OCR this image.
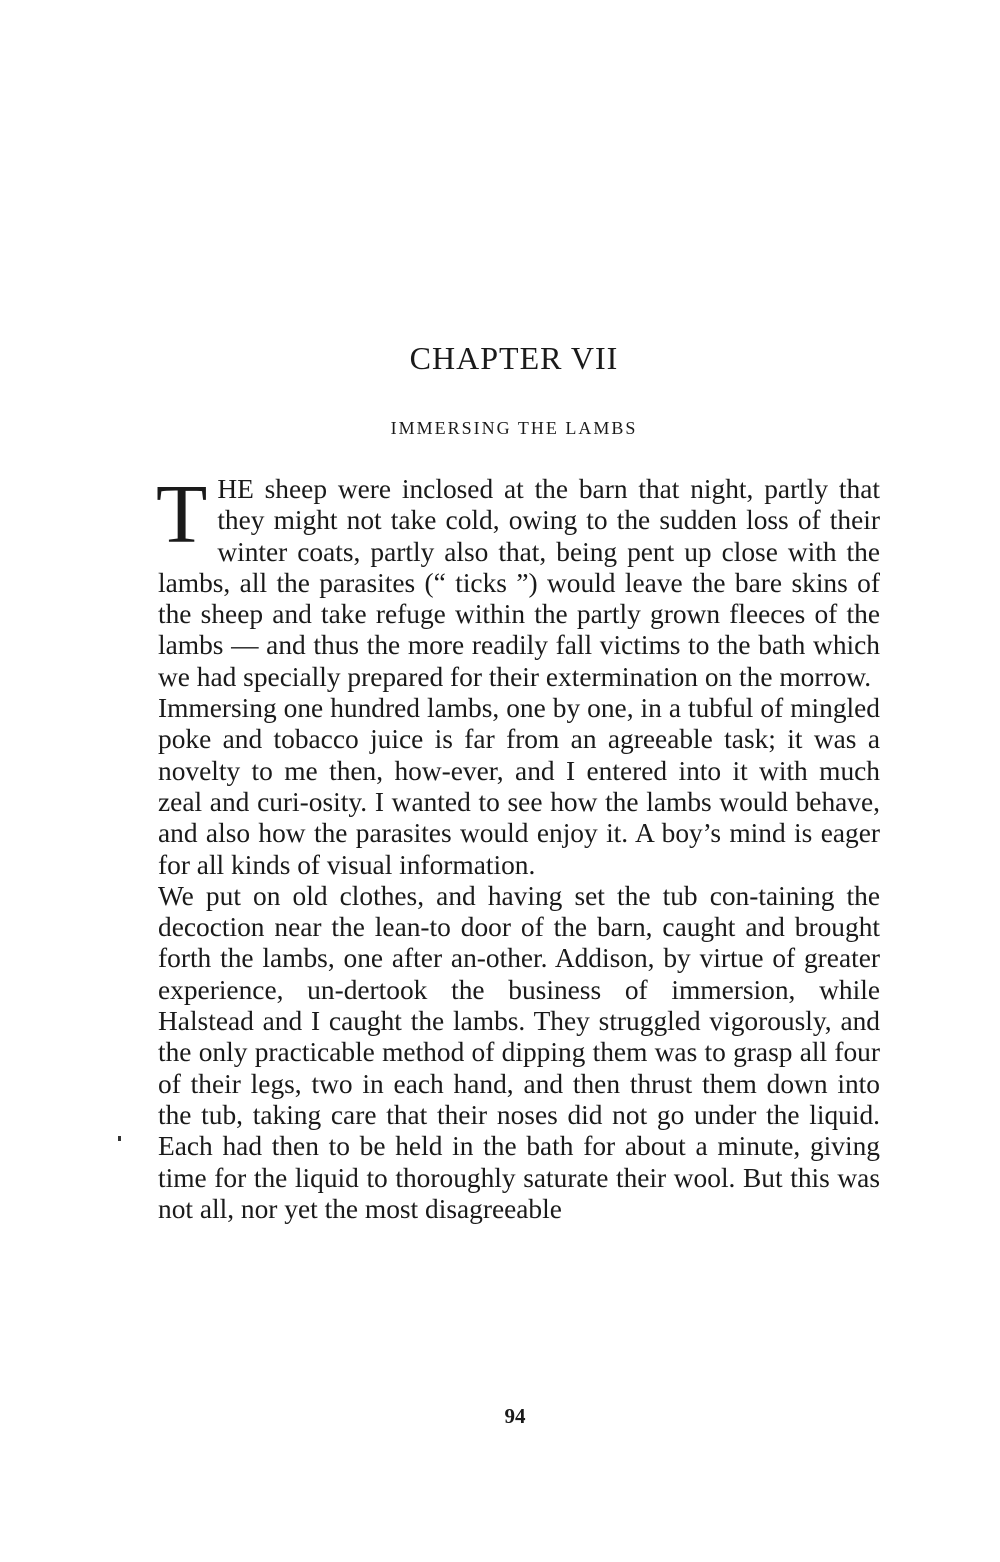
CHAPTER VII
IMMERSING THE LAMBS

THE sheep were inclosed at the barn that night, partly that they might not take cold, owing to the sudden loss of their winter coats, partly also that, being pent up close with the lambs, all the parasites (“ ticks ”) would leave the bare skins of the sheep and take refuge within the partly grown fleeces of the lambs — and thus the more readily fall victims to the bath which we had specially prepared for their extermination on the morrow.

Immersing one hundred lambs, one by one, in a tubful of mingled poke and tobacco juice is far from an agreeable task; it was a novelty to me then, how-ever, and I entered into it with much zeal and curi-osity. I wanted to see how the lambs would behave, and also how the parasites would enjoy it. A boy’s mind is eager for all kinds of visual information.

We put on old clothes, and having set the tub con-taining the decoction near the lean-to door of the barn, caught and brought forth the lambs, one after an-other. Addison, by virtue of greater experience, un-dertook the business of immersion, while Halstead and I caught the lambs. They struggled vigorously, and the only practicable method of dipping them was to grasp all four of their legs, two in each hand, and then thrust them down into the tub, taking care that their noses did not go under the liquid. Each had then to be held in the bath for about a minute, giving time for the liquid to thoroughly saturate their wool. But this was not all, nor yet the most disagreeable

94
